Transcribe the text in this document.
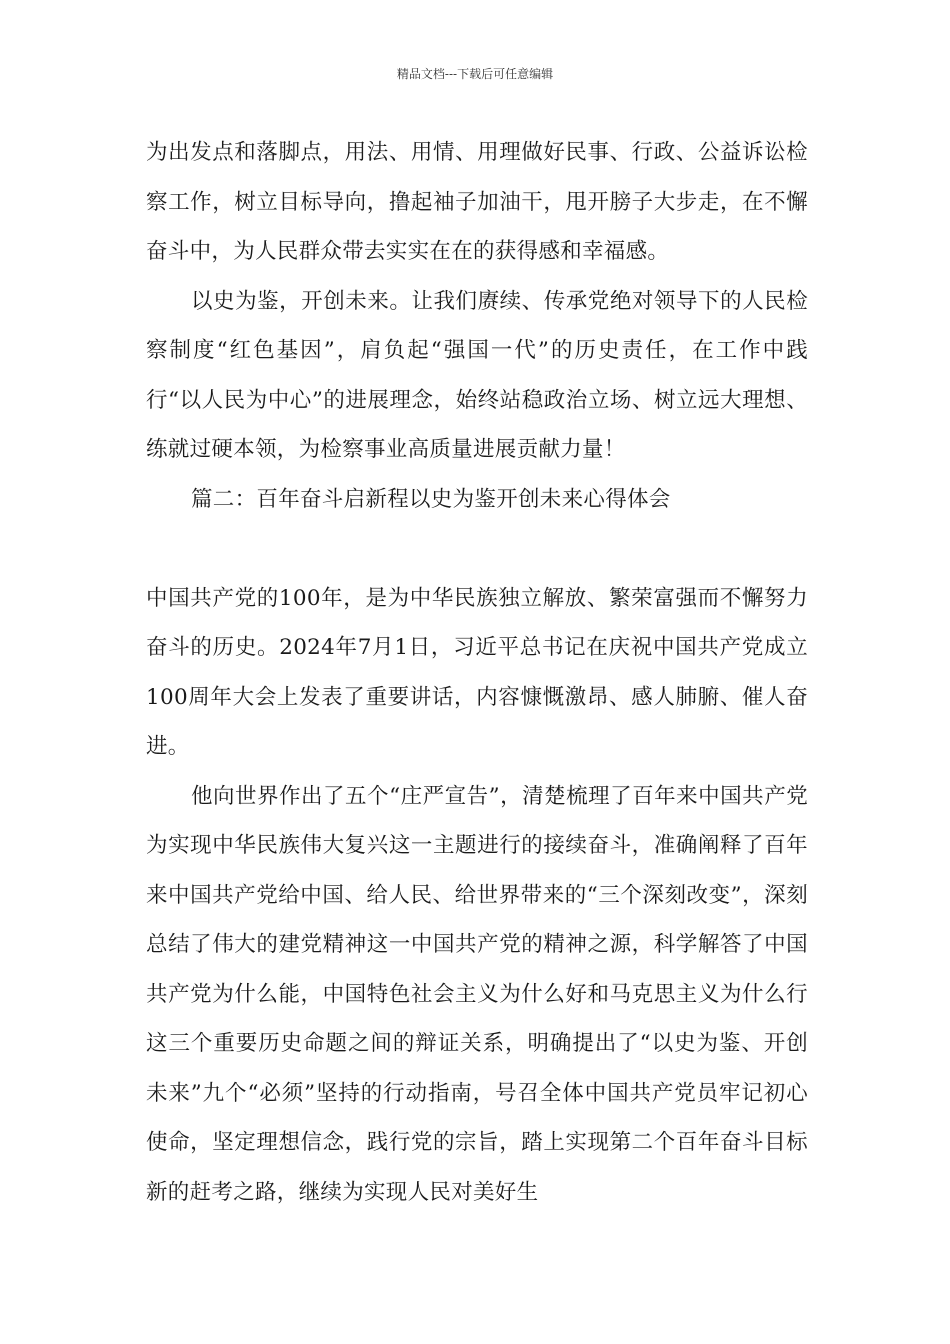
精品文档---下载后可任意编辑

为出发点和落脚点，用法、用情、用理做好民事、行政、公益诉讼检察工作，树立目标导向，撸起袖子加油干，甩开膀子大步走，在不懈奋斗中，为人民群众带去实实在在的获得感和幸福感。

以史为鉴，开创未来。让我们赓续、传承党绝对领导下的人民检察制度“红色基因”，肩负起“强国一代”的历史责任，在工作中践行“以人民为中心”的进展理念，始终站稳政治立场、树立远大理想、练就过硬本领，为检察事业高质量进展贡献力量！

篇二：百年奋斗启新程以史为鉴开创未来心得体会

中国共产党的100年，是为中华民族独立解放、繁荣富强而不懈努力奋斗的历史。2024年7月1日，习近平总书记在庆祝中国共产党成立100周年大会上发表了重要讲话，内容慷慨激昂、感人肺腑、催人奋进。

他向世界作出了五个“庄严宣告”，清楚梳理了百年来中国共产党为实现中华民族伟大复兴这一主题进行的接续奋斗，准确阐释了百年来中国共产党给中国、给人民、给世界带来的“三个深刻改变”，深刻总结了伟大的建党精神这一中国共产党的精神之源，科学解答了中国共产党为什么能，中国特色社会主义为什么好和马克思主义为什么行这三个重要历史命题之间的辩证关系，明确提出了“以史为鉴、开创未来”九个“必须”坚持的行动指南，号召全体中国共产党员牢记初心使命，坚定理想信念，践行党的宗旨，踏上实现第二个百年奋斗目标新的赶考之路，继续为实现人民对美好生
